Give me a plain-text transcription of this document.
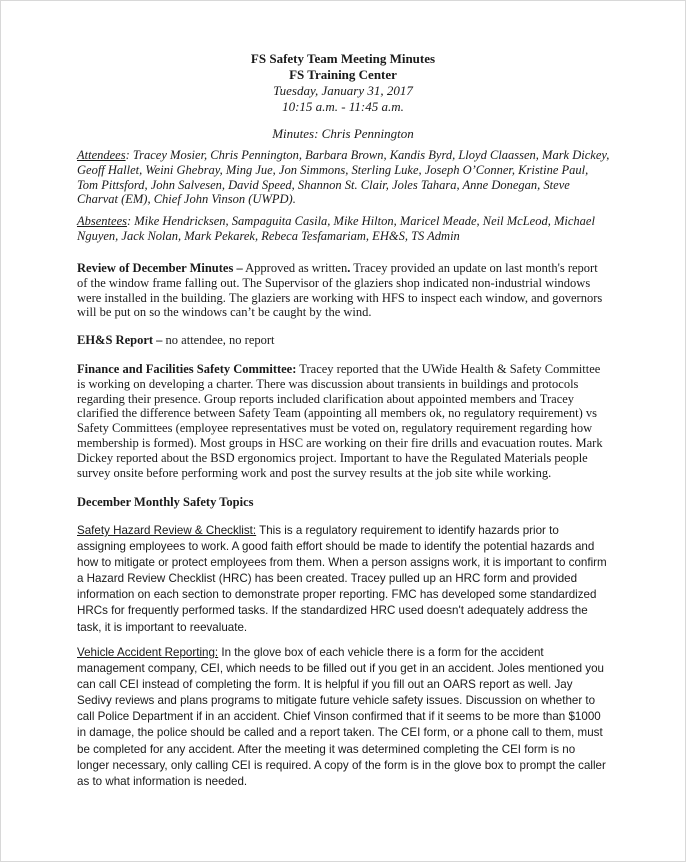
FS Safety Team Meeting Minutes
FS Training Center
Tuesday, January 31, 2017
10:15 a.m. - 11:45 a.m.
Minutes: Chris Pennington
Attendees: Tracey Mosier, Chris Pennington, Barbara Brown, Kandis Byrd, Lloyd Claassen, Mark Dickey, Geoff Hallet, Weini Ghebray, Ming Jue, Jon Simmons, Sterling Luke, Joseph O’Conner, Kristine Paul, Tom Pittsford, John Salvesen, David Speed, Shannon St. Clair, Joles Tahara, Anne Donegan, Steve Charvat (EM), Chief John Vinson (UWPD).
Absentees: Mike Hendricksen, Sampaguita Casila, Mike Hilton, Maricel Meade, Neil McLeod, Michael Nguyen, Jack Nolan, Mark Pekarek, Rebeca Tesfamariam, EH&S, TS Admin
Review of December Minutes – Approved as written. Tracey provided an update on last month's report of the window frame falling out. The Supervisor of the glaziers shop indicated non-industrial windows were installed in the building. The glaziers are working with HFS to inspect each window, and governors will be put on so the windows can’t be caught by the wind.
EH&S Report – no attendee, no report
Finance and Facilities Safety Committee: Tracey reported that the UWide Health & Safety Committee is working on developing a charter. There was discussion about transients in buildings and protocols regarding their presence. Group reports included clarification about appointed members and Tracey clarified the difference between Safety Team (appointing all members ok, no regulatory requirement) vs Safety Committees (employee representatives must be voted on, regulatory requirement regarding how membership is formed). Most groups in HSC are working on their fire drills and evacuation routes. Mark Dickey reported about the BSD ergonomics project. Important to have the Regulated Materials people survey onsite before performing work and post the survey results at the job site while working.
December Monthly Safety Topics
Safety Hazard Review & Checklist: This is a regulatory requirement to identify hazards prior to assigning employees to work. A good faith effort should be made to identify the potential hazards and how to mitigate or protect employees from them. When a person assigns work, it is important to confirm a Hazard Review Checklist (HRC) has been created. Tracey pulled up an HRC form and provided information on each section to demonstrate proper reporting. FMC has developed some standardized HRCs for frequently performed tasks. If the standardized HRC used doesn't adequately address the task, it is important to reevaluate.
Vehicle Accident Reporting: In the glove box of each vehicle there is a form for the accident management company, CEI, which needs to be filled out if you get in an accident. Joles mentioned you can call CEI instead of completing the form. It is helpful if you fill out an OARS report as well. Jay Sedivy reviews and plans programs to mitigate future vehicle safety issues. Discussion on whether to call Police Department if in an accident. Chief Vinson confirmed that if it seems to be more than $1000 in damage, the police should be called and a report taken. The CEI form, or a phone call to them, must be completed for any accident. After the meeting it was determined completing the CEI form is no longer necessary, only calling CEI is required. A copy of the form is in the glove box to prompt the caller as to what information is needed.
